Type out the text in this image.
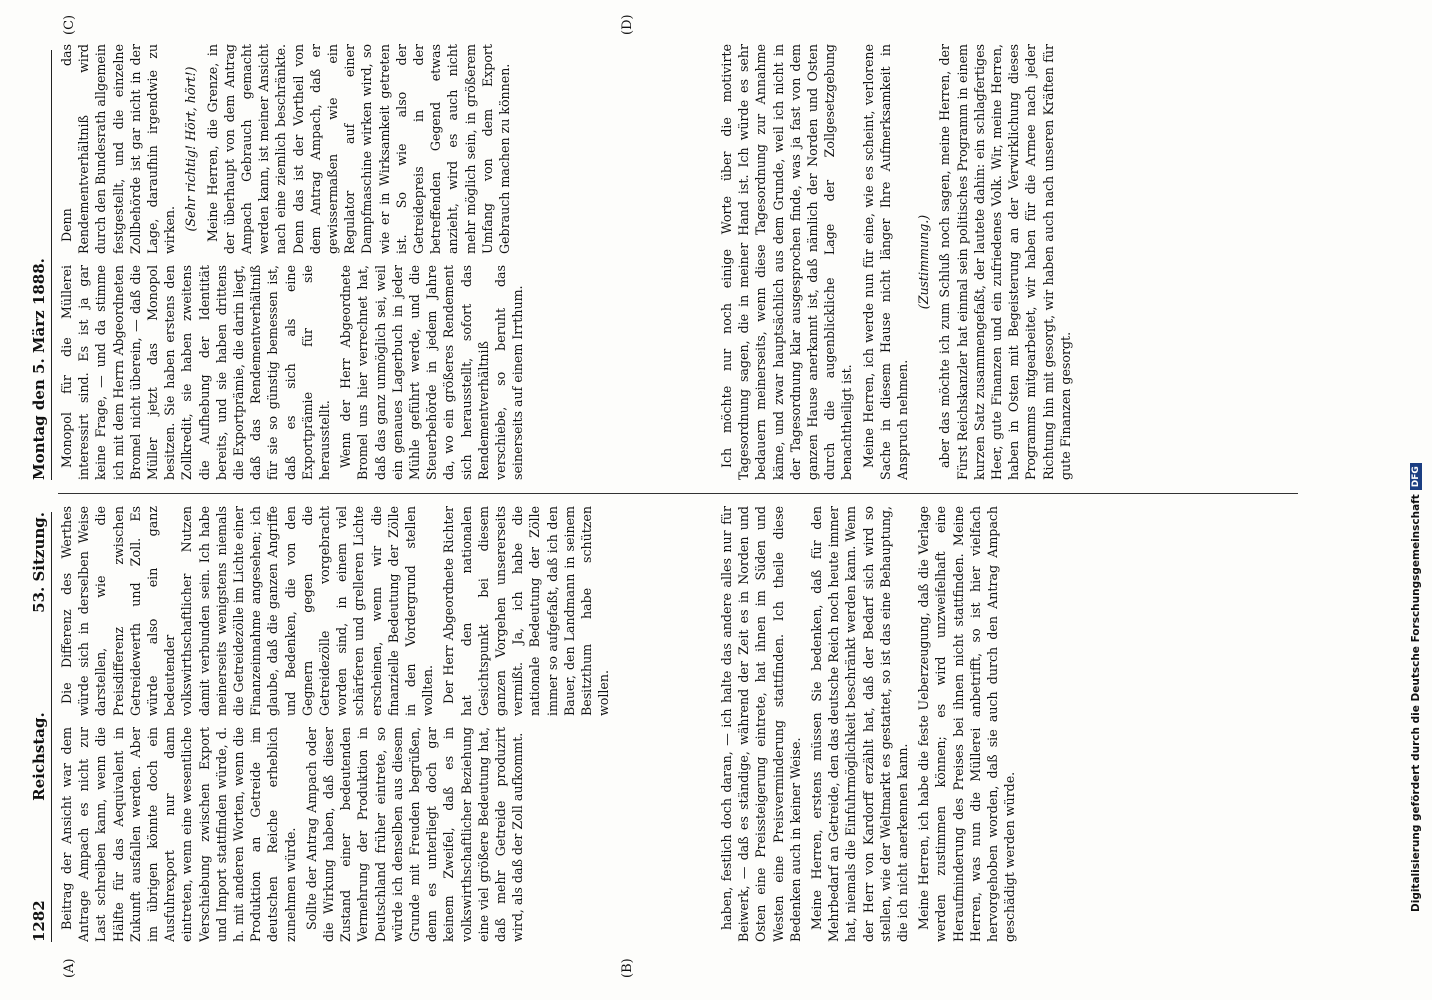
1282
Reichstag.
53. Sitzung.
Montag den 5. März 1888.
(A)	(B)
(C)	(D)

Beitrag der Ansicht war dem Antrage Ampach es nicht zur Last schreiben kann, wenn die Hälfte für das Aequivalent in Zukunft ausfallen werden. Aber im übrigen könnte doch ein Ausfuhrexport nur dann eintreten, wenn eine wesentliche Verschiebung zwischen Export und Import stattfinden würde, d. h. mit anderen Worten, wenn die Produktion an Getreide im deutschen Reiche erheblich zunehmen würde. Sollte der Antrag Ampach oder die Wirkung haben, daß dieser Zustand einer bedeutenden Vermehrung der Produktion in Deutschland früher eintrete, so würde ich denselben aus diesem Grunde mit Freuden begrüßen, denn es unterliegt doch gar keinem Zweifel, daß es in volkswirthschaftlicher Beziehung eine viel größere Bedeutung hat, daß mehr Getreide produzirt wird, als daß der Zoll aufkommt.

Die Differenz des Werthes würde sich in derselben Weise darstellen, wie die Preisdifferenz zwischen Getreidewerth und Zoll. Es würde also ein ganz bedeutender volkswirthschaftlicher Nutzen damit verbunden sein. Ich habe meinerseits wenigstens niemals die Getreidezölle im Lichte einer Finanzeinnahme angesehen; ich glaube, daß die ganzen Angriffe und Bedenken, die von den Gegnern gegen die Getreidezölle vorgebracht worden sind, in einem viel schärferen und grelleren Lichte erscheinen, wenn wir die finanzielle Bedeutung der Zölle in den Vordergrund stellen wollten. Der Herr Abgeordnete Richter hat den nationalen Gesichtspunkt bei diesem ganzen Vorgehen unsererseits vermißt. Ja, ich habe die nationale Bedeutung der Zölle immer so aufgefaßt, daß ich den Bauer, den Landmann in seinem Besitzthum habe schützen wollen.

Monopol für die Müllerei interessirt sind. Es ist ja gar keine Frage, — und da stimme ich mit dem Herrn Abgeordneten Bromel nicht überein, — daß die Müller jetzt das Monopol besitzen. Sie haben erstens den Zollkredit, sie haben zweitens die Aufhebung der Identität bereits, und sie haben drittens die Exportprämie, die darin liegt, daß das Rendementverhältniß für sie so günstig bemessen ist, daß es sich als eine Exportprämie für sie herausstellt. Wenn der Herr Abgeordnete Bromel uns hier verrechnet hat, daß das ganz unmöglich sei, weil ein genaues Lagerbuch in jeder Mühle geführt werde, und die Steuerbehörde in jedem Jahre da, wo ein größeres Rendement sich herausstellt, sofort das Rendementverhältniß verschiebe, so beruht das seinerseits auf einem Irrthum.

Denn das Rendementverhältniß wird durch den Bundesrath allgemein festgestellt, und die einzelne Zollbehörde ist gar nicht in der Lage, daraufhin irgendwie zu wirken. (Sehr richtig! Hört, hört!) Meine Herren, die Grenze, in der überhaupt von dem Antrag Ampach Gebrauch gemacht werden kann, ist meiner Ansicht nach eine ziemlich beschränkte. Denn das ist der Vortheil von dem Antrag Ampach, daß er gewissermaßen wie ein Regulator auf einer Dampfmaschine wirken wird, so wie er in Wirksamkeit getreten ist. So wie also der Getreidepreis in der betreffenden Gegend etwas anzieht, wird es auch nicht mehr möglich sein, in größerem Umfang von dem Export Gebrauch machen zu können.

haben, festlich doch daran, — ich halte das andere alles nur für Beiwerk, — daß es ständige, während der Zeit es in Norden und Osten eine Preissteigerung eintrete, hat ihnen im Süden und Westen eine Preisverminderung stattfinden. Ich theile diese Bedenken auch in keiner Weise. Meine Herren, erstens müssen Sie bedenken, daß für den Mehrbedarf an Getreide, den das deutsche Reich noch heute immer hat, niemals die Einfuhrmöglichkeit beschränkt werden kann. Wenn der Herr von Kardorff erzählt hat, daß der Bedarf sich wird so stellen, wie der Weltmarkt es gestattet, so ist das eine Behauptung, die ich nicht anerkennen kann. Meine Herren, ich habe die feste Ueberzeugung, daß die Verlage werden zustimmen können; es wird unzweifelhaft eine Heraufminderung des Preises bei ihnen nicht stattfinden. Meine Herren, was nun die Müllerei anbetrifft, so ist hier vielfach hervorgehoben worden, daß sie auch durch den Antrag Ampach geschädigt werden würde.

Ich möchte nur noch einige Worte über die motivirte Tagesordnung sagen, die in meiner Hand ist. Ich würde es sehr bedauern meinerseits, wenn diese Tagesordnung zur Annahme käme, und zwar hauptsächlich aus dem Grunde, weil ich nicht in der Tagesordnung klar ausgesprochen finde, was ja fast von dem ganzen Hause anerkannt ist, daß nämlich der Norden und Osten durch die augenblickliche Lage der Zollgesetzgebung benachtheiligt ist. Meine Herren, ich werde nun für eine, wie es scheint, verlorene Sache in diesem Hause nicht länger Ihre Aufmerksamkeit in Anspruch nehmen.

(Zustimmung.) aber das möchte ich zum Schluß noch sagen, meine Herren, der Fürst Reichskanzler hat einmal sein politisches Programm in einem kurzen Satz zusammengefaßt, der lautete dahin: ein schlagfertiges Heer, gute Finanzen und ein zufriedenes Volk. Wir, meine Herren, haben in Osten mit Begeisterung an der Verwirklichung dieses Programms mitgearbeitet, wir haben für die Armee nach jeder Richtung hin mit gesorgt, wir haben auch nach unseren Kräften für gute Finanzen gesorgt.

Digitalisierung gefördert durch die Deutsche Forschungsgemeinschaft
DFG
